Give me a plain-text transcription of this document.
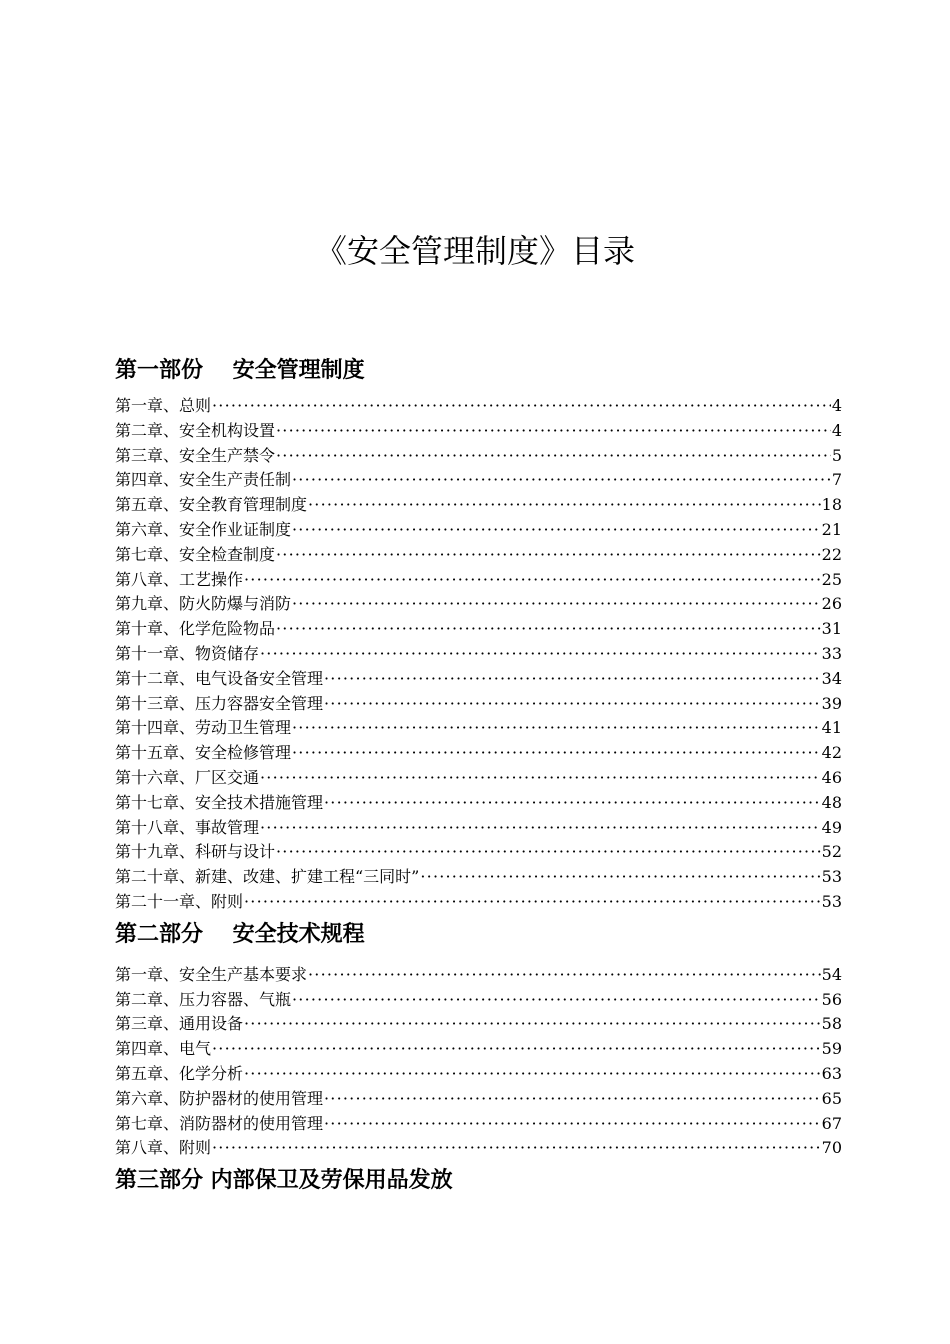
《安全管理制度》目录
第一部份　 安全管理制度
第一章、总则 ·····	4
第二章、安全机构设置 ·····	4
第三章、安全生产禁令 ·····	5
第四章、安全生产责任制 ·····	7
第五章、安全教育管理制度 ·····	18
第六章、安全作业证制度 ·····	21
第七章、安全检查制度 ·····	22
第八章、工艺操作 ·····	25
第九章、防火防爆与消防 ·····	26
第十章、化学危险物品 ·····	31
第十一章、物资储存 ·····	33
第十二章、电气设备安全管理 ·····	34
第十三章、压力容器安全管理 ·····	39
第十四章、劳动卫生管理 ·····	41
第十五章、安全检修管理 ·····	42
第十六章、厂区交通 ·····	46
第十七章、安全技术措施管理 ·····	48
第十八章、事故管理 ·····	49
第十九章、科研与设计 ·····	52
第二十章、新建、改建、扩建工程“三同时” ·····	53
第二十一章、附则 ·····	53
第二部分　 安全技术规程
第一章、安全生产基本要求 ·····	54
第二章、压力容器、气瓶 ·····	56
第三章、通用设备 ·····	58
第四章、电气 ·····	59
第五章、化学分析 ·····	63
第六章、防护器材的使用管理 ·····	65
第七章、消防器材的使用管理 ·····	67
第八章、附则 ·····	70
第三部分 内部保卫及劳保用品发放
